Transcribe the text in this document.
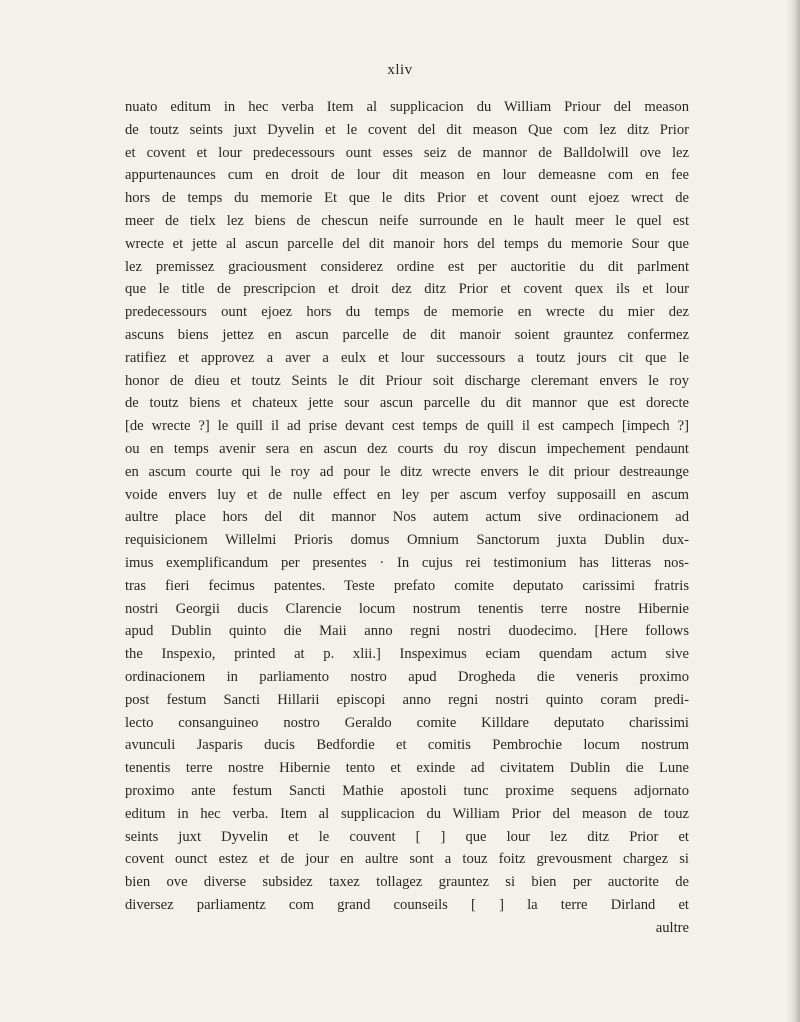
xliv
nuato editum in hec verba Item al supplicacion du William Priour del meason
de toutz seints juxt Dyvelin et le covent del dit meason Que com lez ditz Prior
et covent et lour predecessours ount esses seiz de mannor de Balldolwill ove lez
appurtenaunces cum en droit de lour dit meason en lour demeasne com en fee
hors de temps du memorie Et que le dits Prior et covent ount ejoez wrect de
meer de tielx lez biens de chescun neife surrounde en le hault meer le quel est
wrecte et jette al ascun parcelle del dit manoir hors del temps du memorie Sour que
lez premissez graciousment considerez ordine est per auctoritie du dit parlment
que le title de prescripcion et droit dez ditz Prior et covent quex ils et lour
predecessours ount ejoez hors du temps de memorie en wrecte du mier dez
ascuns biens jettez en ascun parcelle de dit manoir soient grauntez confermez
ratifiez et approvez a aver a eulx et lour successours a toutz jours cit que le
honor de dieu et toutz Seints le dit Priour soit discharge cleremant envers le roy
de toutz biens et chateux jette sour ascun parcelle du dit mannor que est dorecte
[de wrecte ?] le quill il ad prise devant cest temps de quill il est campech [impech ?]
ou en temps avenir sera en ascun dez courts du roy discun impechement pendaunt
en ascum courte qui le roy ad pour le ditz wrecte envers le dit priour destreaunge
voide envers luy et de nulle effect en ley per ascum verfoy supposaill en ascum
aultre place hors del dit mannor Nos autem actum sive ordinacionem ad
requisicionem Willelmi Prioris domus Omnium Sanctorum juxta Dublin dux-
imus exemplificandum per presentes · In cujus rei testimonium has litteras nos-
tras fieri fecimus patentes. Teste prefato comite deputato carissimi fratris
nostri Georgii ducis Clarencie locum nostrum tenentis terre nostre Hibernie
apud Dublin quinto die Maii anno regni nostri duodecimo. [Here follows
the Inspexio, printed at p. xlii.] Inspeximus eciam quendam actum sive
ordinacionem in parliamento nostro apud Drogheda die veneris proximo
post festum Sancti Hillarii episcopi anno regni nostri quinto coram predi-
lecto consanguineo nostro Geraldo comite Killdare deputato charissimi
avunculi Jasparis ducis Bedfordie et comitis Pembrochie locum nostrum
tenentis terre nostre Hibernie tento et exinde ad civitatem Dublin die Lune
proximo ante festum Sancti Mathie apostoli tunc proxime sequens adjornato
editum in hec verba. Item al supplicacion du William Prior del meason de touz
seints juxt Dyvelin et le couvent [ ] que lour lez ditz Prior et
covent ounct estez et de jour en aultre sont a touz foitz grevousment chargez si
bien ove diverse subsidez taxez tollagez grauntez si bien per auctorite de
diversez parliamentz com grand counseils [ ] la terre Dirland et
aultre
